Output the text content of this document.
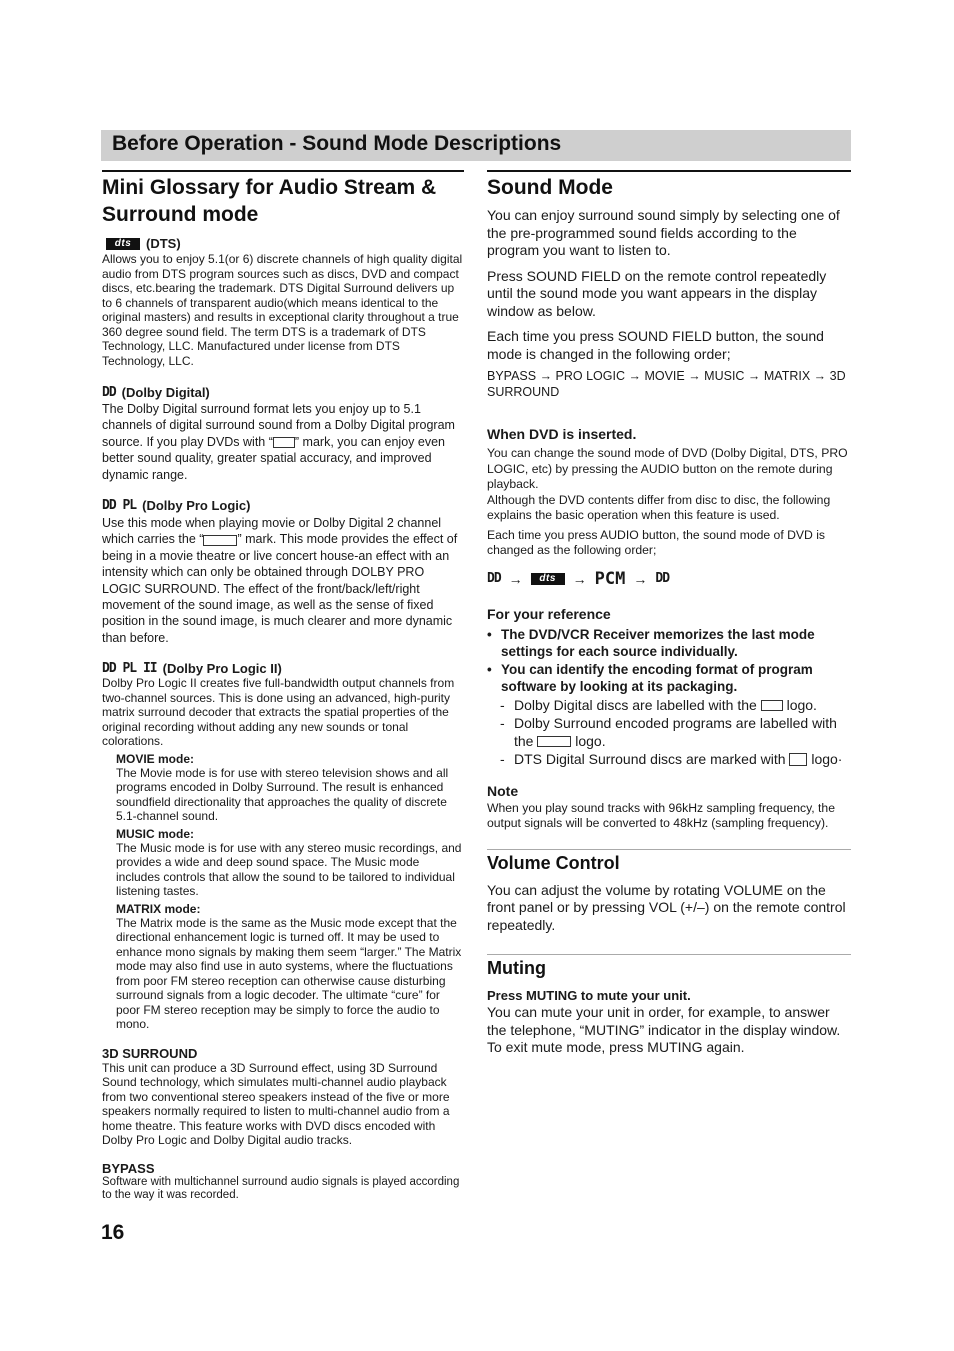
Before Operation - Sound Mode Descriptions
Mini Glossary for Audio Stream & Surround mode

dts	(DTS)

Allows you to enjoy 5.1(or 6) discrete channels of high quality digital audio from DTS program sources such as discs, DVD and compact discs, etc.bearing the trademark. DTS Digital Surround delivers up to 6 channels of transparent audio(which means identical to the original masters) and results in exceptional clarity throughout a true 360 degree sound field. The term DTS is a trademark of DTS Technology, LLC. Manufactured under license from DTS Technology, LLC.

DD (Dolby Digital)

The Dolby Digital surround format lets you enjoy up to 5.1 channels of digital surround sound from a Dolby Digital program source. If you play DVDs with “ ” mark, you can enjoy even better sound quality, greater spatial accuracy, and improved dynamic range.

DD PL (Dolby Pro Logic)

Use this mode when playing movie or Dolby Digital 2 channel which carries the “	” mark. This mode provides the effect of being in a movie theatre or live concert house-an effect with an intensity which can only be obtained through DOLBY PRO LOGIC SURROUND. The effect of the front/back/left/right movement of the sound image, as well as the sense of fixed position in the sound image, is much clearer and more dynamic than before.

DD PL II (Dolby Pro Logic II)

Dolby Pro Logic II creates five full-bandwidth output channels from two-channel sources. This is done using an advanced, high-purity matrix surround decoder that extracts the spatial properties of the original recording without adding any new sounds or tonal colorations.

MOVIE mode:

The Movie mode is for use with stereo television shows and all programs encoded in Dolby Surround. The result is enhanced soundfield directionality that approaches the quality of discrete 5.1-channel sound.

MUSIC mode:

The Music mode is for use with any stereo music recordings, and provides a wide and deep sound space. The Music mode includes controls that allow the sound to be tailored to individual listening tastes.

MATRIX mode:

The Matrix mode is the same as the Music mode except that the directional enhancement logic is turned off. It may be used to enhance mono signals by making them seem “larger.” The Matrix mode may also find use in auto systems, where the fluctuations from poor FM stereo reception can otherwise cause disturbing surround signals from a logic decoder. The ultimate “cure” for poor FM stereo reception may be simply to force the audio to mono.

3D SURROUND

This unit can produce a 3D Surround effect, using 3D Surround Sound technology, which simulates multi-channel audio playback from two conventional stereo speakers instead of the five or more speakers normally required to listen to multi-channel audio from a home theatre. This feature works with DVD discs encoded with Dolby Pro Logic and Dolby Digital audio tracks.

BYPASS

Software with multichannel surround audio signals is played according to the way it was recorded.

Sound Mode

You can enjoy surround sound simply by selecting one of the pre-programmed sound fields according to the program you want to listen to.

Press SOUND FIELD on the remote control repeatedly until the sound mode you want appears in the display window as below.

Each time you press SOUND FIELD button, the sound mode is changed in the following order;

BYPASS → PRO LOGIC → MOVIE → MUSIC → MATRIX → 3D SURROUND

When DVD is inserted.

You can change the sound mode of DVD (Dolby Digital, DTS, PRO LOGIC, etc) by pressing the AUDIO button on the remote during playback.

Although the DVD contents differ from disc to disc, the following explains the basic operation when this feature is used.

Each time you press AUDIO button, the sound mode of DVD is changed as the following order;

DD →	dts	→ PCM → DD

For your reference

• The DVD/VCR Receiver memorizes the last mode settings for each source individually.
• You can identify the encoding format of program software by looking at its packaging.
- Dolby Digital discs are labelled with the logo.
- Dolby Surround encoded programs are labelled with the	logo.
- DTS Digital Surround discs are marked with logo·

Note

When you play sound tracks with 96kHz sampling frequency, the output signals will be converted to 48kHz (sampling frequency).

Volume Control

You can adjust the volume by rotating VOLUME on the front panel or by pressing VOL (+/–) on the remote control repeatedly.

Muting

Press MUTING to mute your unit.

You can mute your unit in order, for example, to answer the telephone, “MUTING” indicator in the display window. To exit mute mode, press MUTING again.

16
